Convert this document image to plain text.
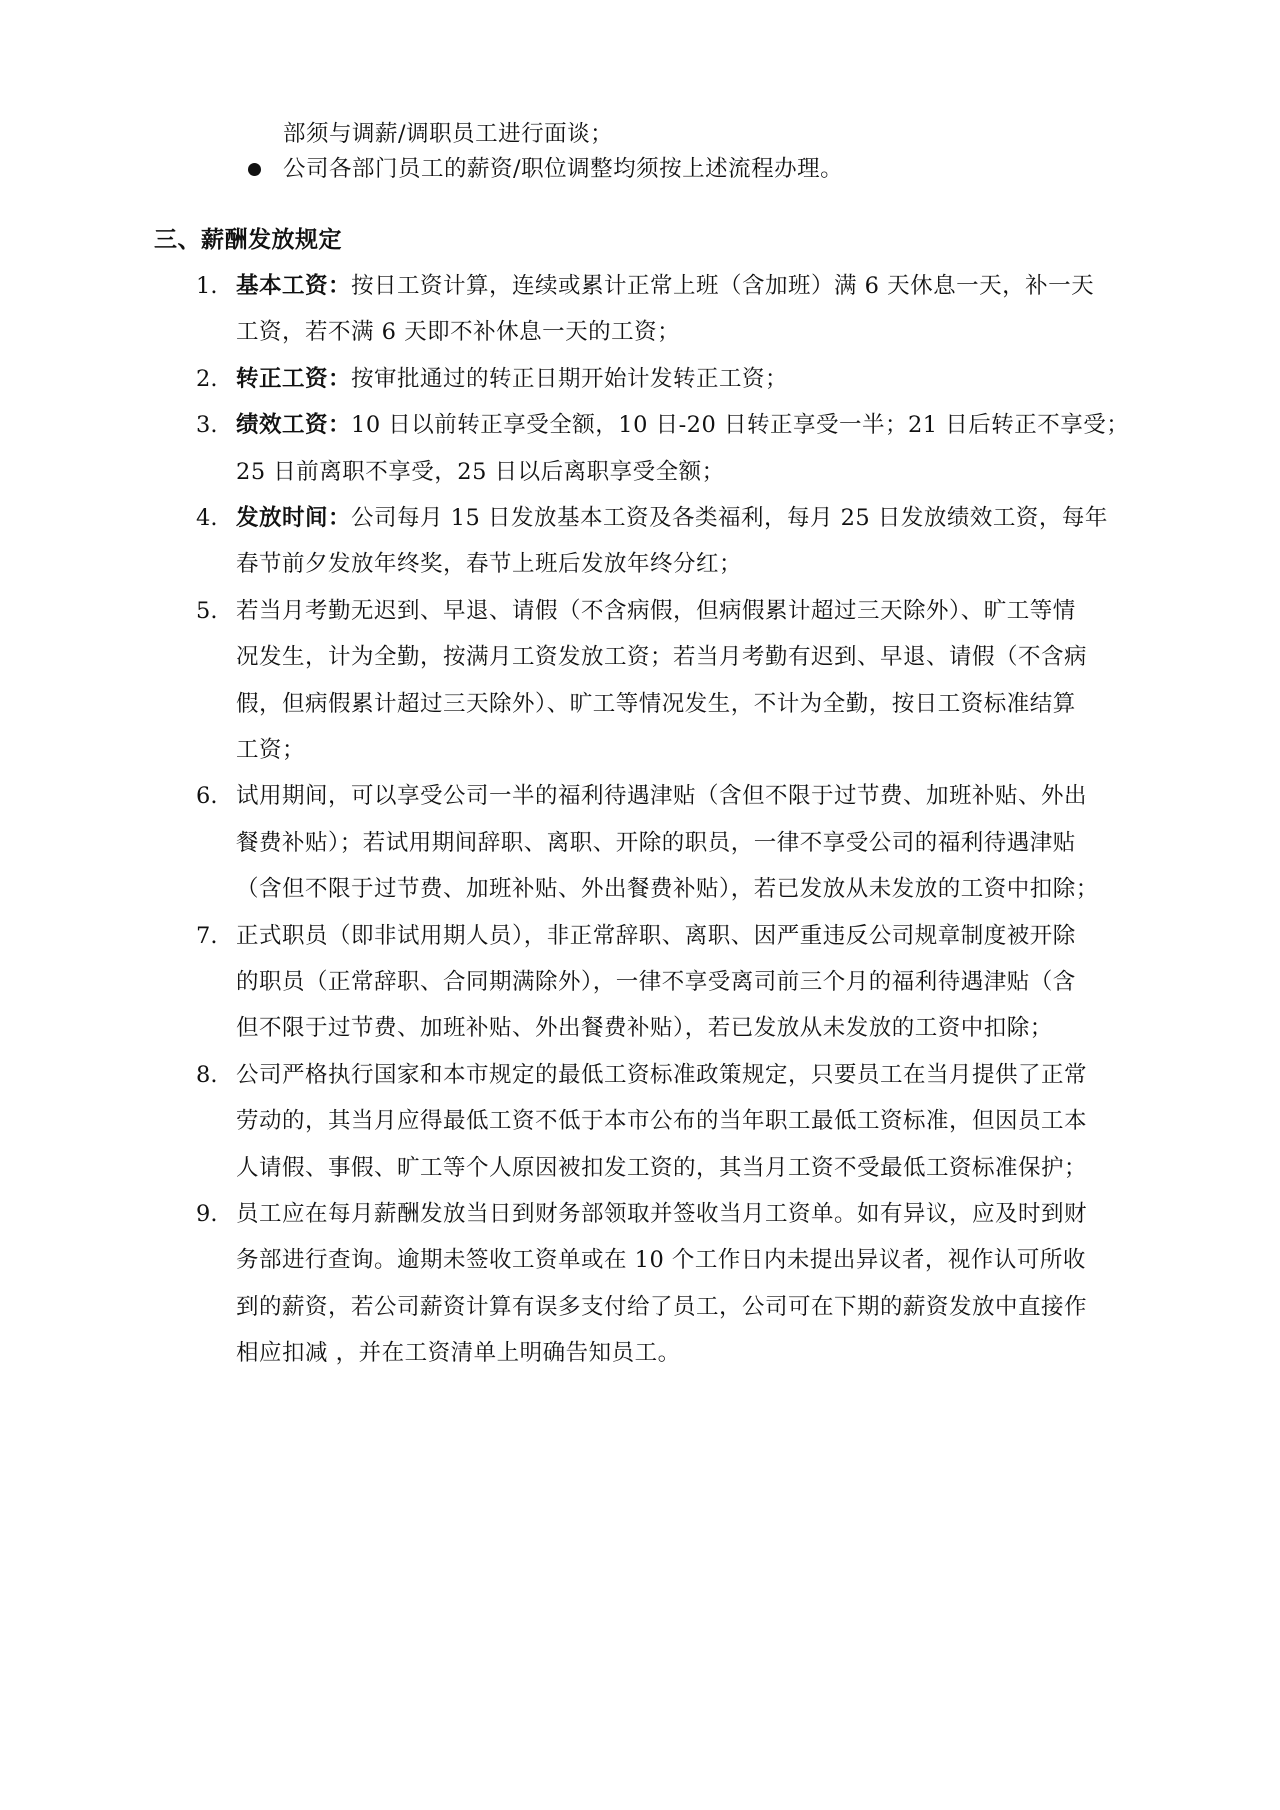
部须与调薪/调职员工进行面谈；
公司各部门员工的薪资/职位调整均须按上述流程办理。
三、薪酬发放规定
1. 基本工资：按日工资计算，连续或累计正常上班（含加班）满 6 天休息一天，补一天
工资，若不满 6 天即不补休息一天的工资；
2. 转正工资：按审批通过的转正日期开始计发转正工资；
3. 绩效工资：10 日以前转正享受全额，10 日-20 日转正享受一半；21 日后转正不享受；
25 日前离职不享受，25 日以后离职享受全额；
4. 发放时间：公司每月 15 日发放基本工资及各类福利，每月 25 日发放绩效工资，每年
春节前夕发放年终奖，春节上班后发放年终分红；
5. 若当月考勤无迟到、早退、请假（不含病假，但病假累计超过三天除外）、旷工等情
况发生，计为全勤，按满月工资发放工资；若当月考勤有迟到、早退、请假（不含病
假，但病假累计超过三天除外）、旷工等情况发生，不计为全勤，按日工资标准结算
工资；
6. 试用期间，可以享受公司一半的福利待遇津贴（含但不限于过节费、加班补贴、外出
餐费补贴）；若试用期间辞职、离职、开除的职员，一律不享受公司的福利待遇津贴
（含但不限于过节费、加班补贴、外出餐费补贴），若已发放从未发放的工资中扣除；
7. 正式职员（即非试用期人员），非正常辞职、离职、因严重违反公司规章制度被开除
的职员（正常辞职、合同期满除外），一律不享受离司前三个月的福利待遇津贴（含
但不限于过节费、加班补贴、外出餐费补贴），若已发放从未发放的工资中扣除；
8. 公司严格执行国家和本市规定的最低工资标准政策规定，只要员工在当月提供了正常
劳动的，其当月应得最低工资不低于本市公布的当年职工最低工资标准，但因员工本
人请假、事假、旷工等个人原因被扣发工资的，其当月工资不受最低工资标准保护；
9. 员工应在每月薪酬发放当日到财务部领取并签收当月工资单。如有异议，应及时到财
务部进行查询。逾期未签收工资单或在 10 个工作日内未提出异议者，视作认可所收
到的薪资，若公司薪资计算有误多支付给了员工，公司可在下期的薪资发放中直接作
相应扣减 ，并在工资清单上明确告知员工。
